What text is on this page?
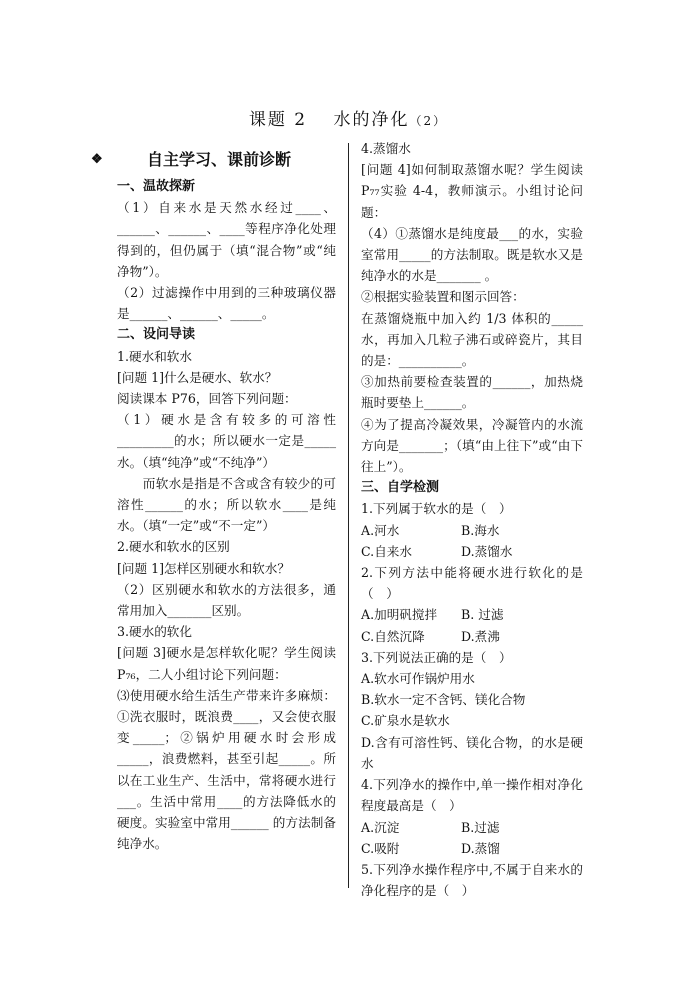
课题 2　 水的净化（2）
❖	自主学习、课前诊断

一、温故探新

（1）自来水是天然水经过____、______、______、____等程序净化处理得到的，但仍属于（填“混合物”或“纯净物”）。

（2）过滤操作中用到的三种玻璃仪器是______、______、_____。

二、设问导读

1.硬水和软水

[问题 1]什么是硬水、软水？

阅读课本 P76，回答下列问题：

（1）硬水是含有较多的可溶性_________的水；所以硬水一定是_____水。（填“纯净”或“不纯净”）

　　而软水是指是不含或含有较少的可溶性______的水；所以软水____是纯水。（填“一定”或“不一定”）

2.硬水和软水的区别

[问题 1]怎样区别硬水和软水？

（2）区别硬水和软水的方法很多，通常用加入_______区别。

3.硬水的软化

[问题 3]硬水是怎样软化呢？学生阅读 P₇₆，二人小组讨论下列问题：

⑶使用硬水给生活生产带来许多麻烦：①洗衣服时，既浪费____，又会使衣服变_____；②锅炉用硬水时会形成_____，浪费燃料，甚至引起_____。所以在工业生产、生活中，常将硬水进行___。生活中常用____的方法降低水的硬度。实验室中常用______ 的方法制备纯净水。

4.蒸馏水

[问题 4]如何制取蒸馏水呢？学生阅读 P₇₇实验 4-4，教师演示。小组讨论问题：

（4）①蒸馏水是纯度最___的水，实验室常用_____的方法制取。既是软水又是纯净水的水是_______ 。

②根据实验装置和图示回答：

在蒸馏烧瓶中加入约 1/3 体积的_____水，再加入几粒子沸石或碎瓷片，其目的是：__________。

③加热前要检查装置的______，加热烧瓶时要垫上______。

④为了提高冷凝效果，冷凝管内的水流方向是_______；（填“由上往下”或“由下往上”）。

三、自学检测

1.下列属于软水的是（　）

A.河水	B.海水
C.自来水	D.蒸馏水

2.下列方法中能将硬水进行软化的是（　）

A.加明矾搅拌	B. 过滤
C.自然沉降	D.煮沸

3.下列说法正确的是（　）

A.软水可作锅炉用水

B.软水一定不含钙、镁化合物

C.矿泉水是软水

D.含有可溶性钙、镁化合物，的水是硬水

4.下列净水的操作中,单一操作相对净化程度最高是（　）

A.沉淀	B.过滤
C.吸附	D.蒸馏

5.下列净水操作程序中,不属于自来水的净化程序的是（　）
